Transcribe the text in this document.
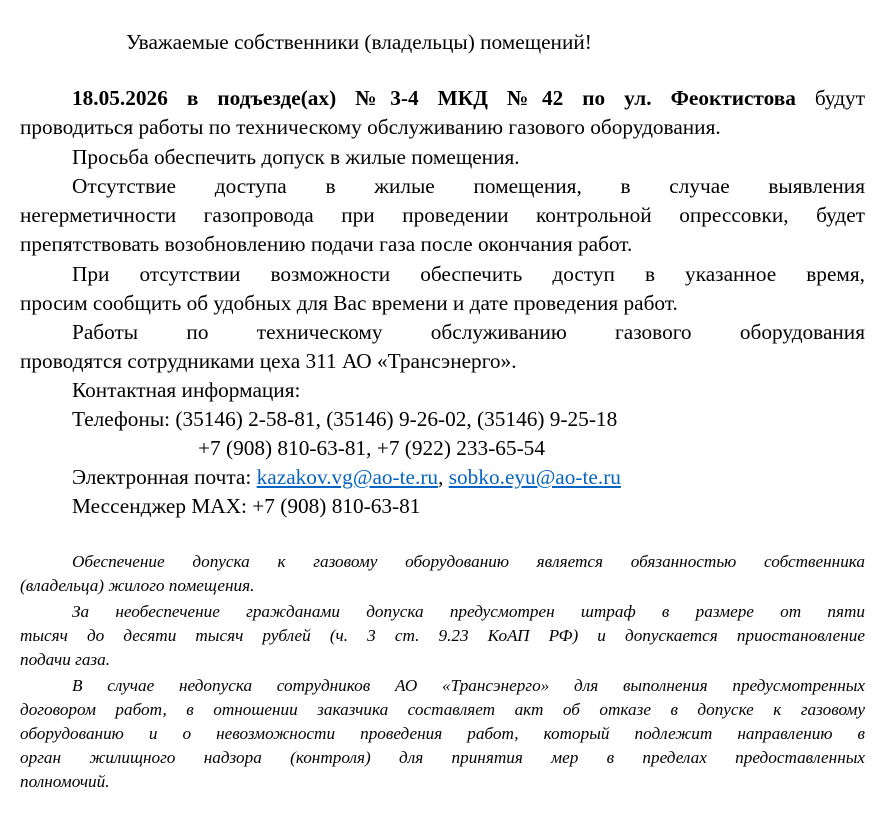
Уважаемые собственники (владельцы) помещений!
18.05.2026 в подъезде(ах) №3-4 МКД №42 по ул. Феоктистова будут
проводиться работы по техническому обслуживанию газового оборудования.
Просьба обеспечить допуск в жилые помещения.
Отсутствие доступа в жилые помещения, в случае выявления
негерметичности газопровода при проведении контрольной опрессовки, будет
препятствовать возобновлению подачи газа после окончания работ.
При отсутствии возможности обеспечить доступ в указанное время,
просим сообщить об удобных для Вас времени и дате проведения работ.
Работы по техническому обслуживанию газового оборудования
проводятся сотрудниками цеха 311 АО «Трансэнерго».
Контактная информация:
Телефоны: (35146) 2-58-81, (35146) 9-26-02, (35146) 9-25-18
+7 (908) 810-63-81, +7 (922) 233-65-54
Электронная почта: kazakov.vg@ao-te.ru, sobko.eyu@ao-te.ru
Мессенджер MAX: +7 (908) 810-63-81
Обеспечение допуска к газовому оборудованию является обязанностью собственника
(владельца) жилого помещения.
За необеспечение гражданами допуска предусмотрен штраф в размере от пяти
тысяч до десяти тысяч рублей (ч. 3 ст. 9.23 КоАП РФ) и допускается приостановление
подачи газа.
В случае недопуска сотрудников АО «Трансэнерго» для выполнения предусмотренных
договором работ, в отношении заказчика составляет акт об отказе в допуске к газовому
оборудованию и о невозможности проведения работ, который подлежит направлению в
орган жилищного надзора (контроля) для принятия мер в пределах предоставленных
полномочий.
